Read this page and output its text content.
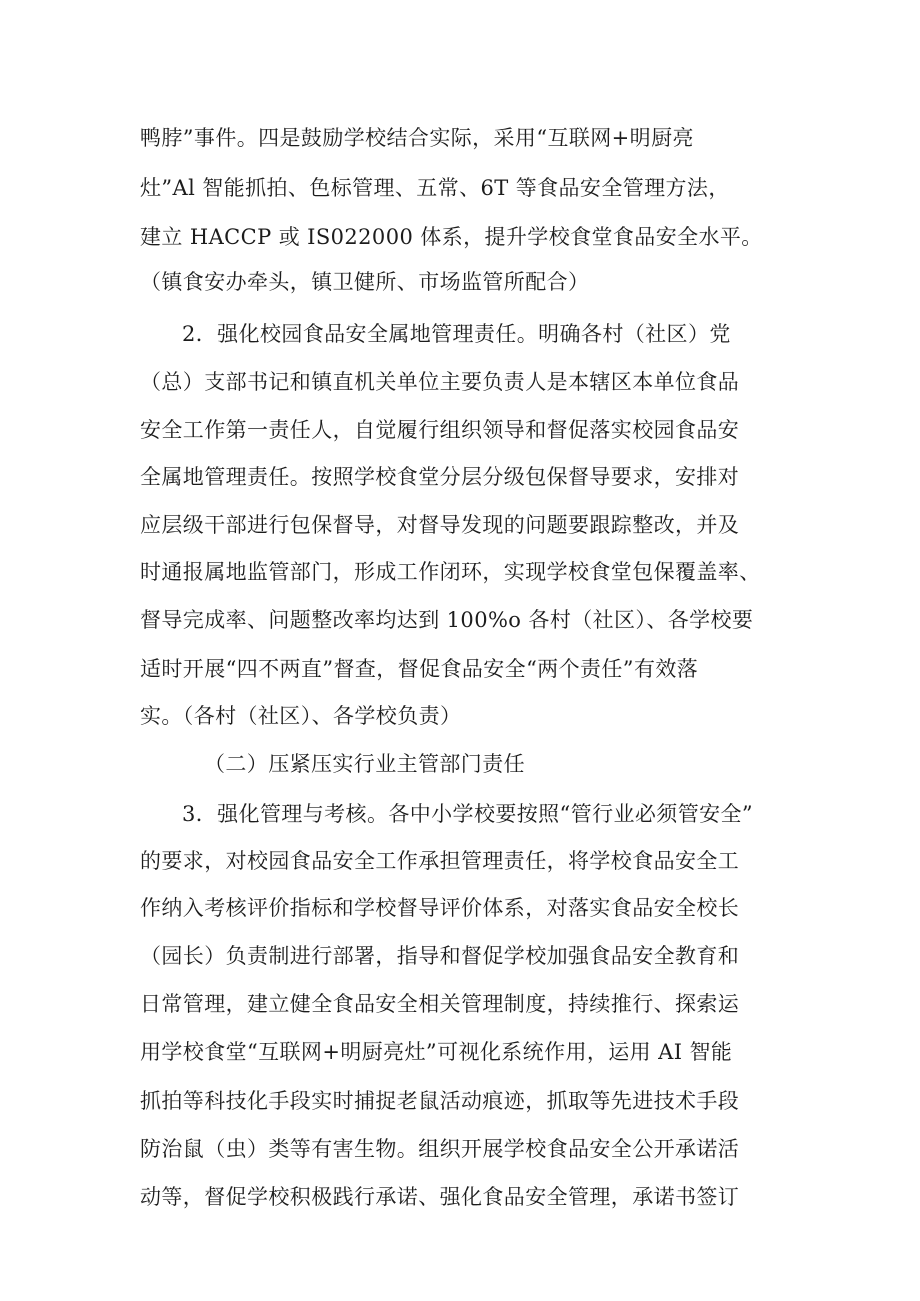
鸭脖”事件。四是鼓励学校结合实际，采用“互联网+明厨亮
灶”Al 智能抓拍、色标管理、五常、6T 等食品安全管理方法，
建立 HACCP 或 IS022000 体系，提升学校食堂食品安全水平。
（镇食安办牵头，镇卫健所、市场监管所配合）
2．强化校园食品安全属地管理责任。明确各村（社区）党
（总）支部书记和镇直机关单位主要负责人是本辖区本单位食品
安全工作第一责任人，自觉履行组织领导和督促落实校园食品安
全属地管理责任。按照学校食堂分层分级包保督导要求，安排对
应层级干部进行包保督导，对督导发现的问题要跟踪整改，并及
时通报属地监管部门，形成工作闭环，实现学校食堂包保覆盖率、
督导完成率、问题整改率均达到 100%o 各村（社区）、各学校要
适时开展“四不两直”督查，督促食品安全“两个责任”有效落
实。（各村（社区）、各学校负责）
（二）压紧压实行业主管部门责任
3．强化管理与考核。各中小学校要按照“管行业必须管安全”
的要求，对校园食品安全工作承担管理责任，将学校食品安全工
作纳入考核评价指标和学校督导评价体系，对落实食品安全校长
（园长）负责制进行部署，指导和督促学校加强食品安全教育和
日常管理，建立健全食品安全相关管理制度，持续推行、探索运
用学校食堂“互联网+明厨亮灶”可视化系统作用，运用 AI 智能
抓拍等科技化手段实时捕捉老鼠活动痕迹，抓取等先进技术手段
防治鼠（虫）类等有害生物。组织开展学校食品安全公开承诺活
动等，督促学校积极践行承诺、强化食品安全管理，承诺书签订
